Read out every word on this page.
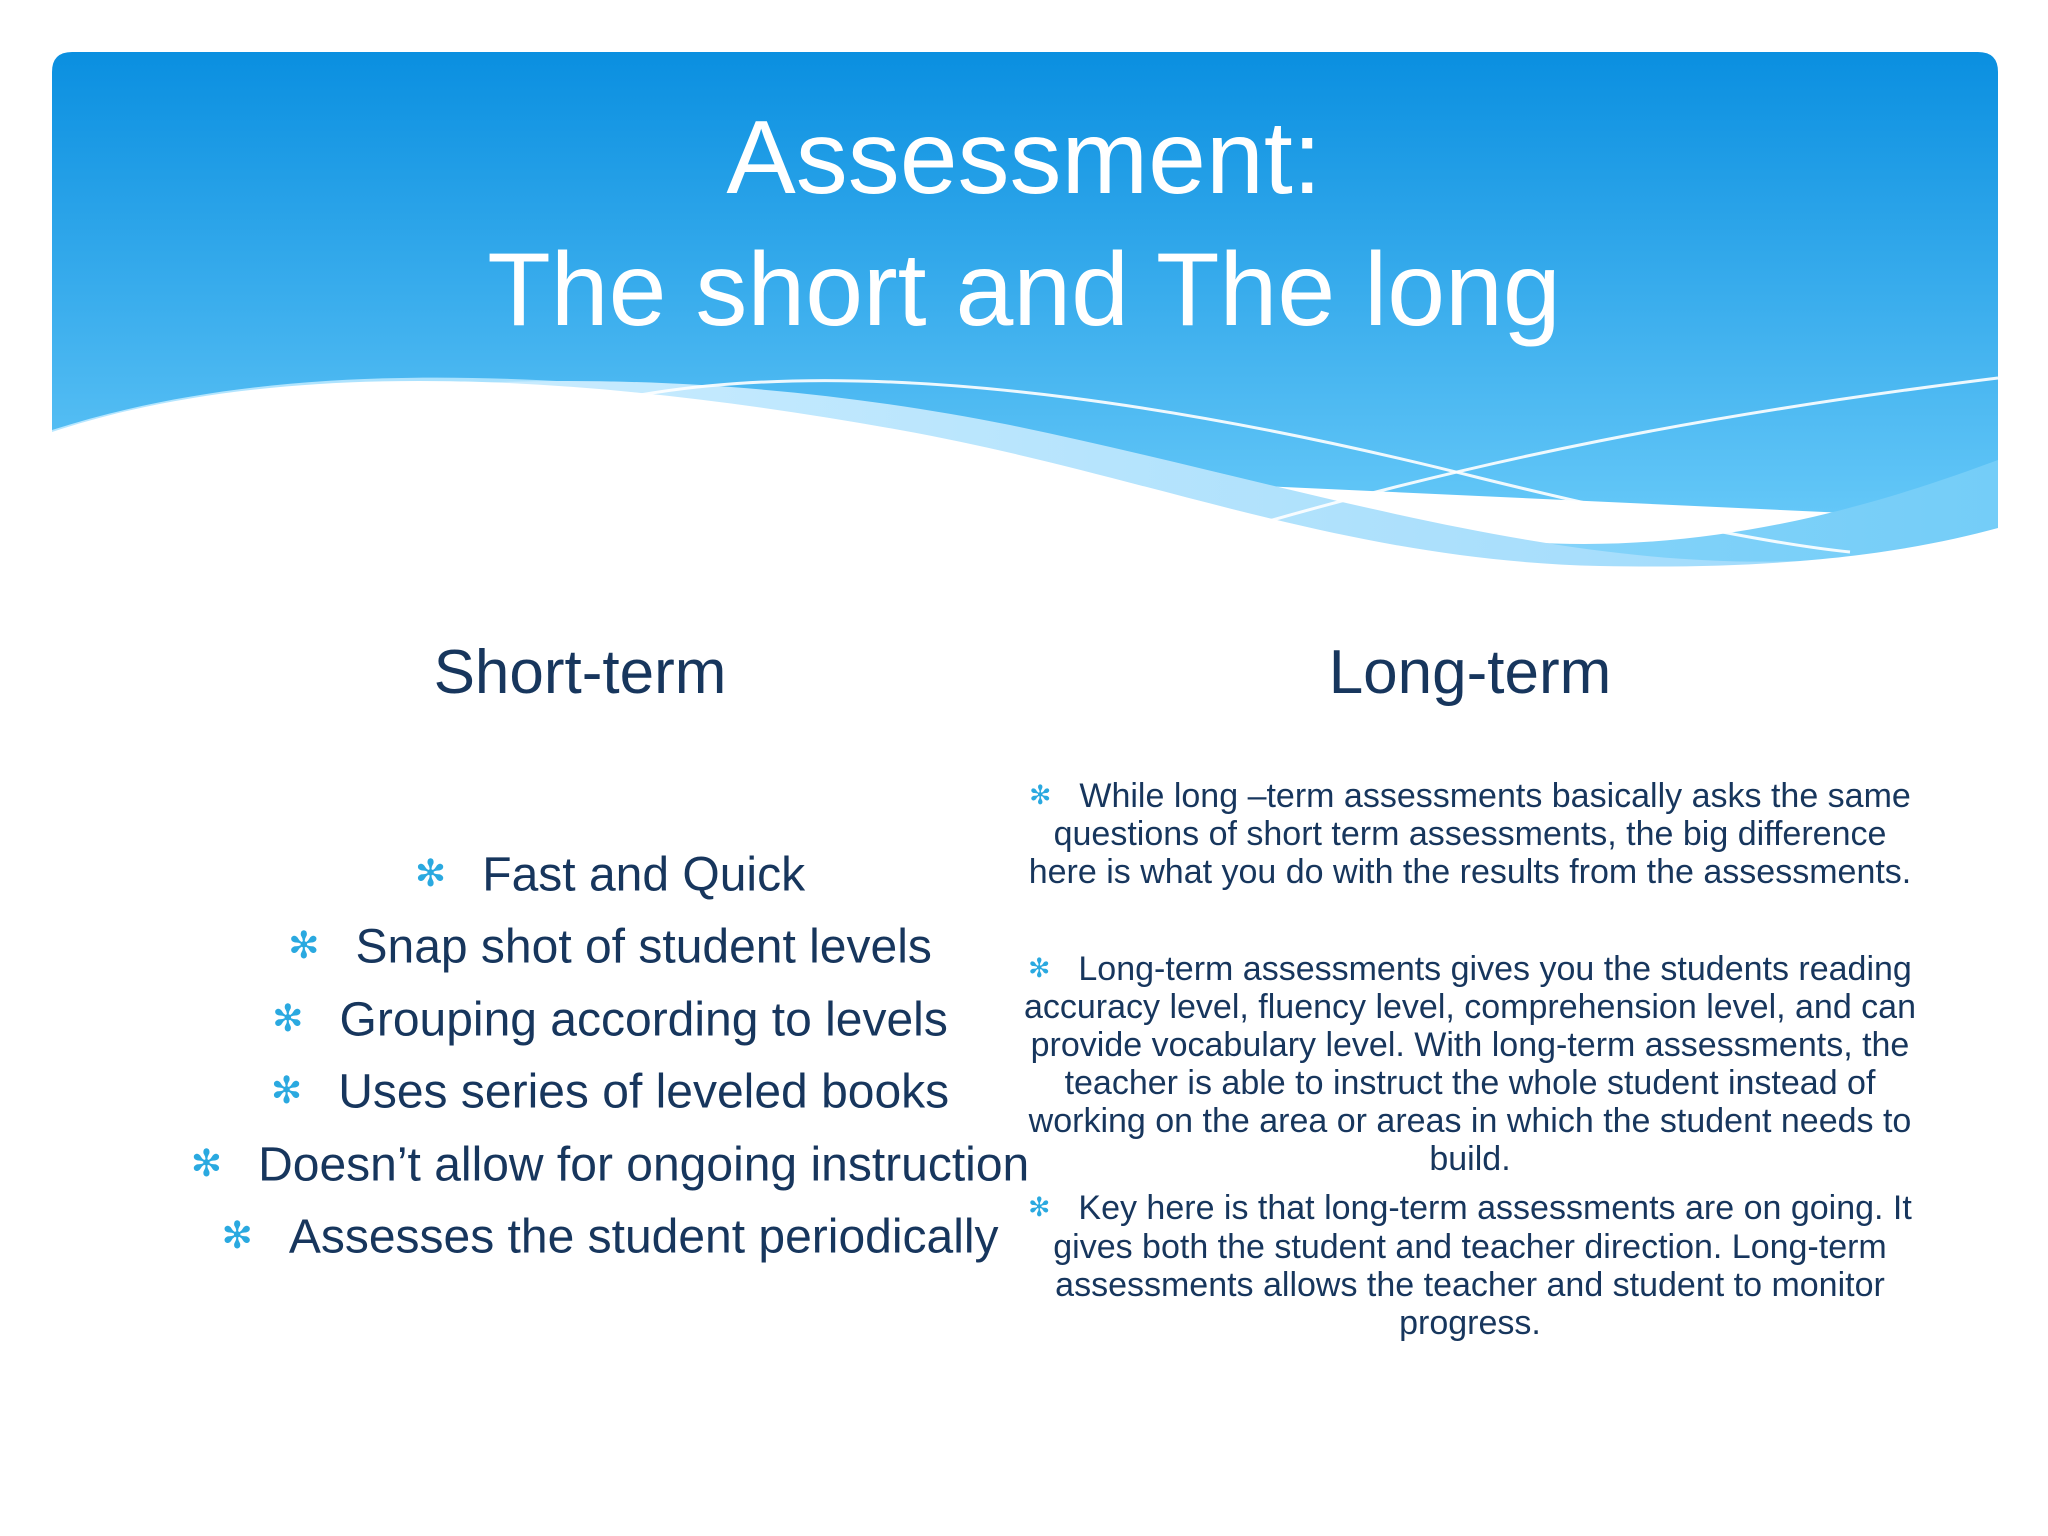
Assessment:
The short and The long
Short-term	Long-term
✻ Fast and Quick
✻ Snap shot of student levels
✻ Grouping according to levels
✻ Uses series of leveled books
✻ Doesn’t allow for ongoing instruction
✻ Assesses the student periodically
✻ While long –term assessments basically asks the same questions of short term assessments, the big difference here is what you do with the results from the assessments.
✻ Long-term assessments gives you the students reading accuracy level, fluency level, comprehension level, and can provide vocabulary level. With long-term assessments, the teacher is able to instruct the whole student instead of working on the area or areas in which the student needs to build.
✻ Key here is that long-term assessments are on going. It gives both the student and teacher direction. Long-term assessments allows the teacher and student to monitor progress.
